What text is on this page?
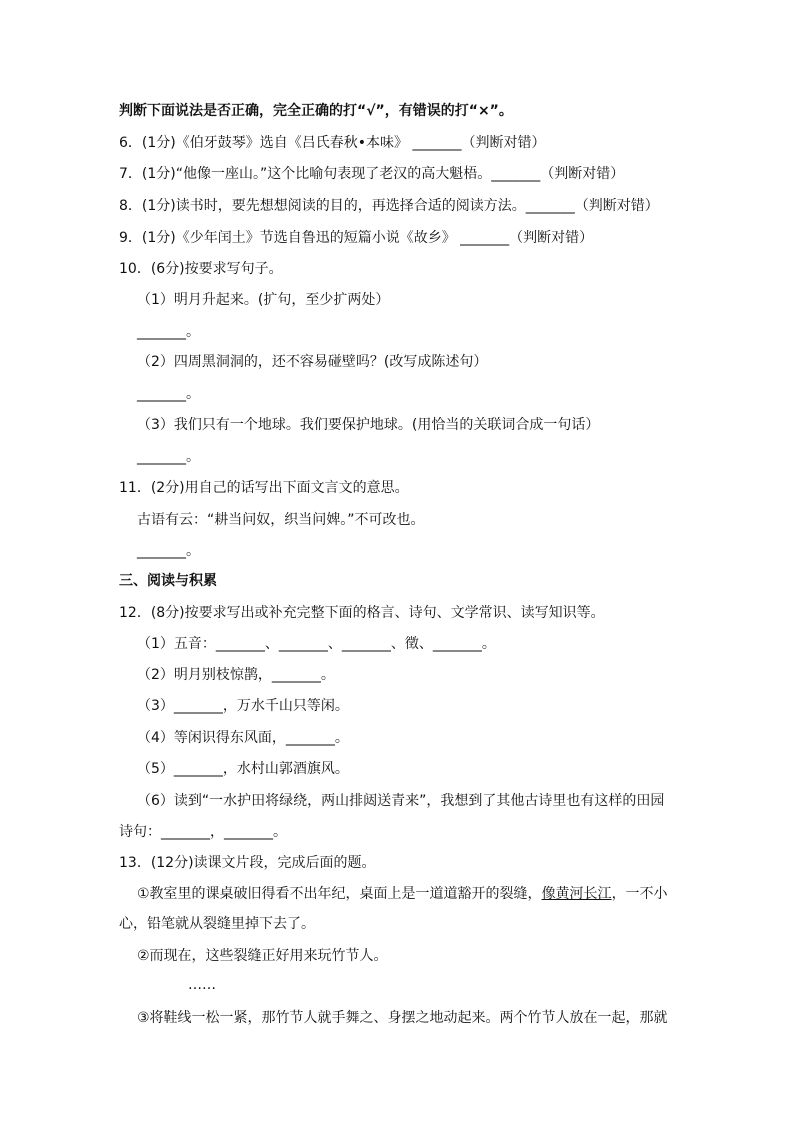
判断下面说法是否正确，完全正确的打“√”，有错误的打“×”。
6．(1分)《伯牙鼓琴》选自《吕氏春秋•本味》 _______（判断对错）
7．(1分)“他像一座山。”这个比喻句表现了老汉的高大魁梧。_______（判断对错）
8．(1分)读书时，要先想想阅读的目的，再选择合适的阅读方法。_______（判断对错）
9．(1分)《少年闰土》节选自鲁迅的短篇小说《故乡》 _______（判断对错）
10．(6分)按要求写句子。
（1）明月升起来。(扩句，至少扩两处）
_______。
（2）四周黑洞洞的，还不容易碰壁吗？(改写成陈述句）
_______。
（3）我们只有一个地球。我们要保护地球。(用恰当的关联词合成一句话）
_______。
11．(2分)用自己的话写出下面文言文的意思。
古语有云：“耕当问奴，织当问婢。”不可改也。
_______。
三、阅读与积累
12．(8分)按要求写出或补充完整下面的格言、诗句、文学常识、读写知识等。
（1）五音：_______、_______、_______、徵、_______。
（2）明月别枝惊鹊，_______。
（3）_______，万水千山只等闲。
（4）等闲识得东风面，_______。
（5）_______，水村山郭酒旗风。
（6）读到“一水护田将绿绕，两山排闼送青来”，我想到了其他古诗里也有这样的田园
诗句：_______，_______。
13．(12分)读课文片段，完成后面的题。
①教室里的课桌破旧得看不出年纪，桌面上是一道道豁开的裂缝，像黄河长江，一不小
心，铅笔就从裂缝里掉下去了。
②而现在，这些裂缝正好用来玩竹节人。
……
③将鞋线一松一紧，那竹节人就手舞之、身摆之地动起来。两个竹节人放在一起，那就
